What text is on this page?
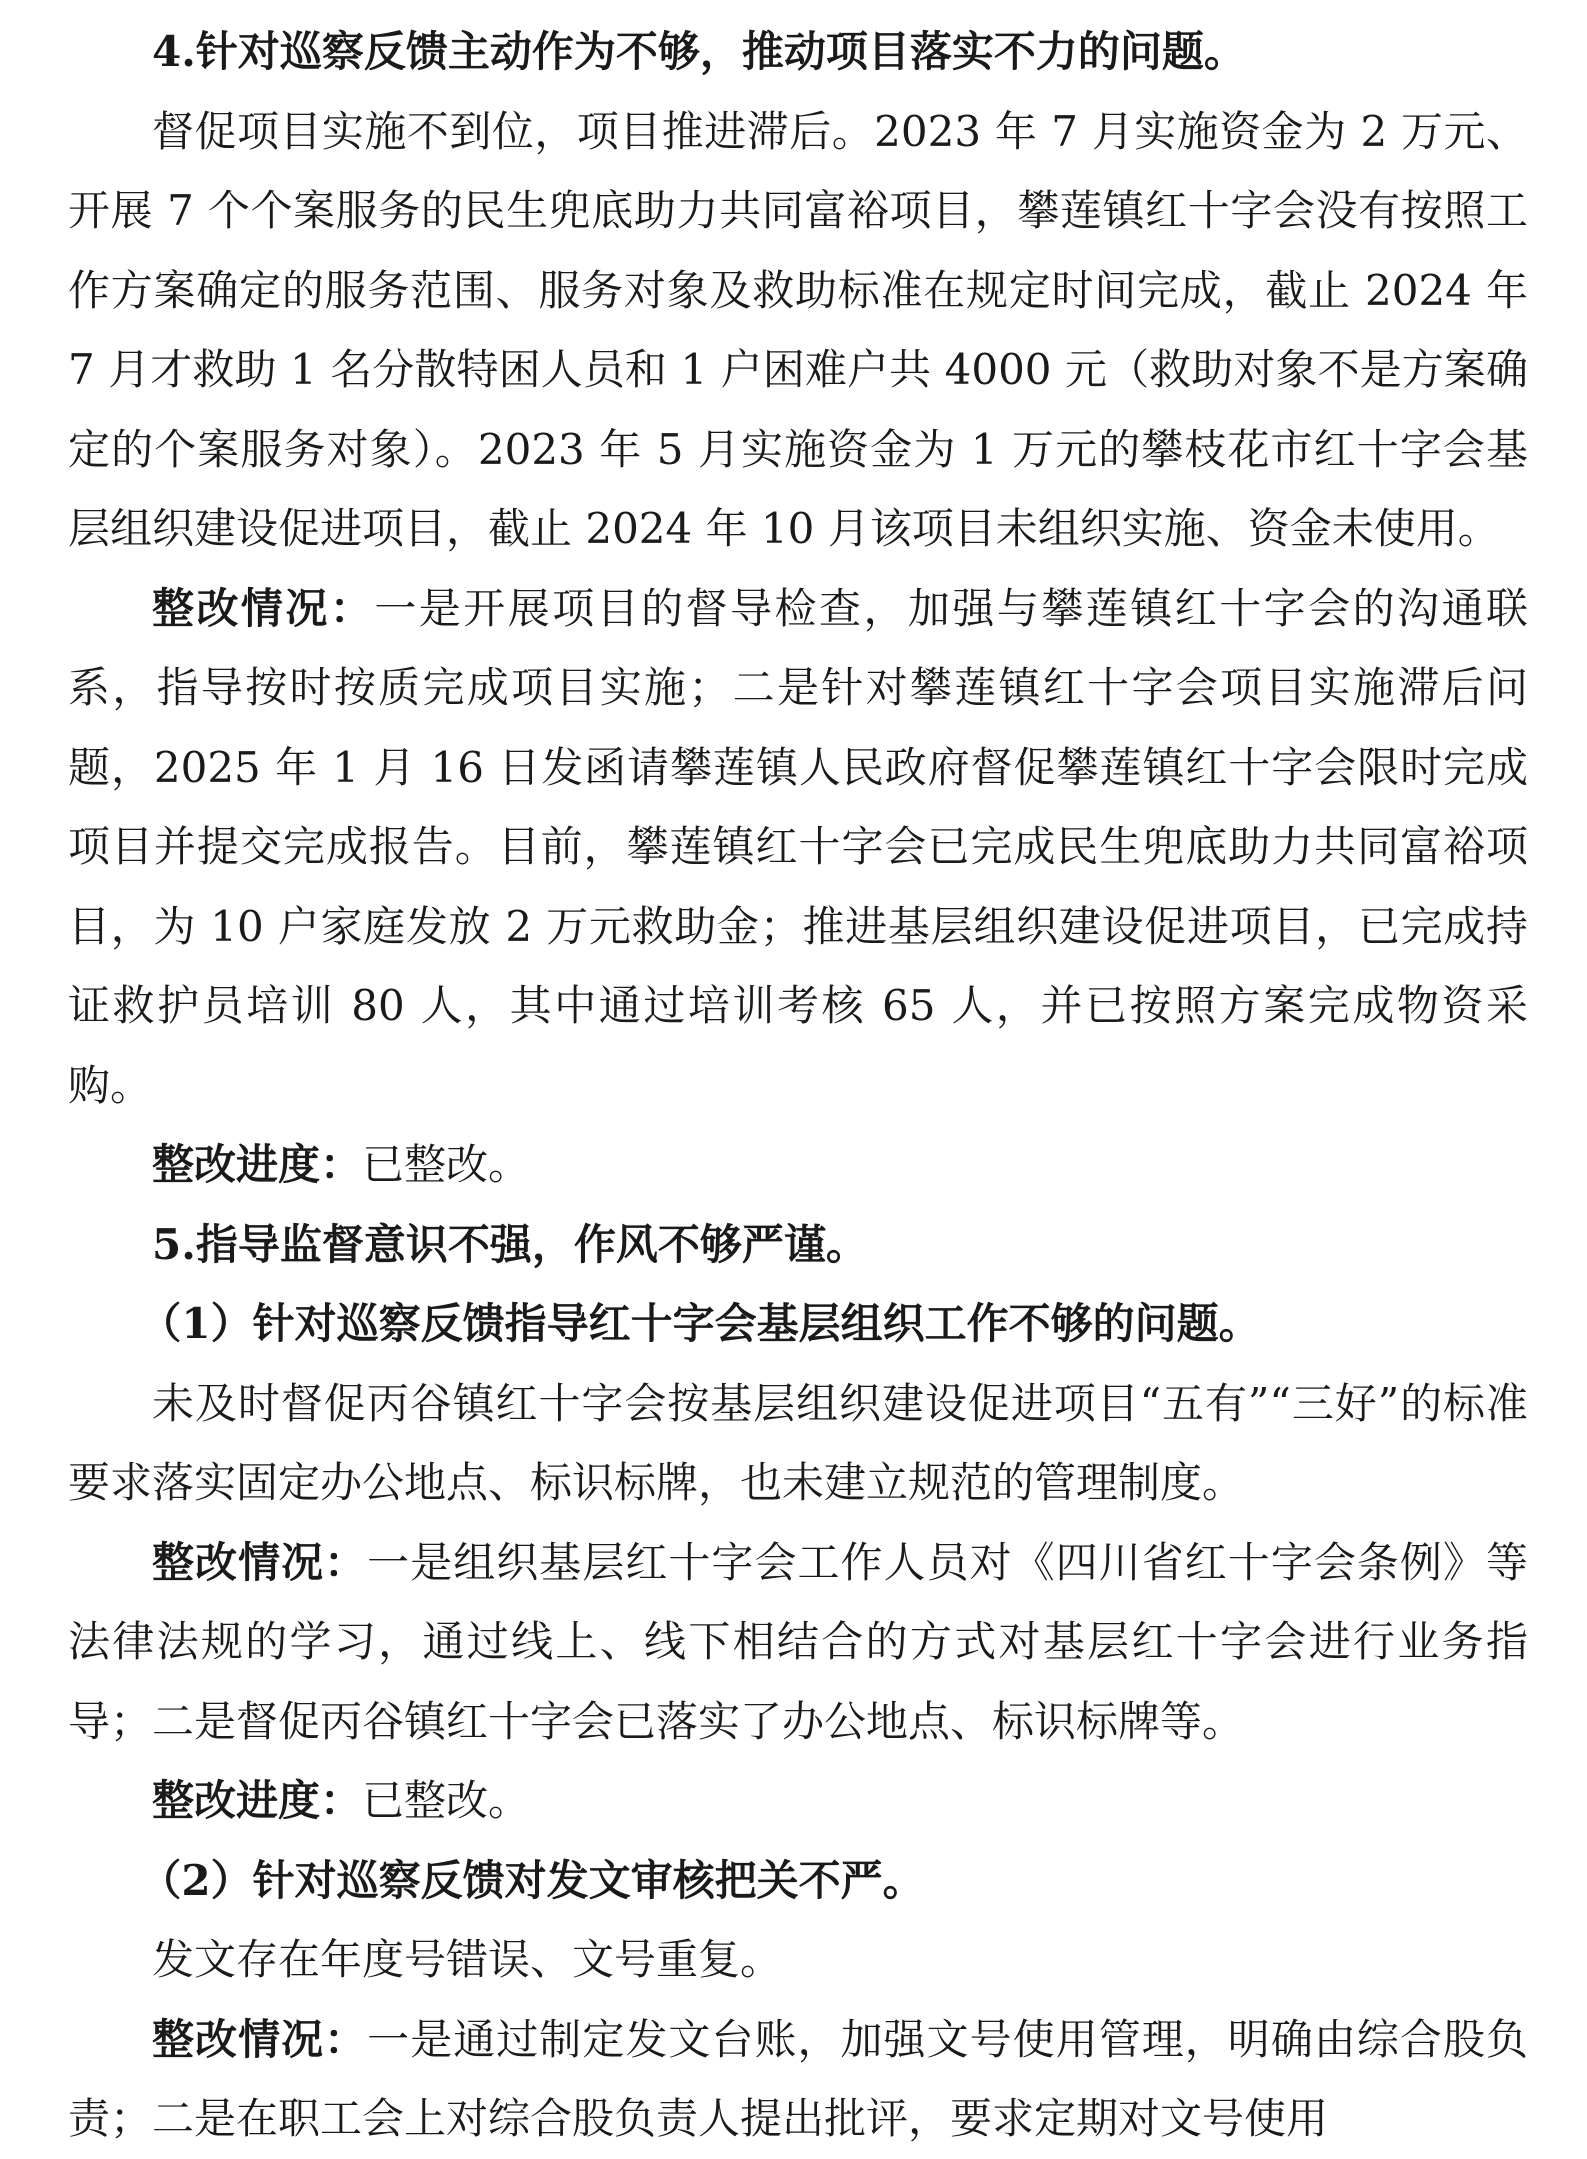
4.针对巡察反馈主动作为不够，推动项目落实不力的问题。

督促项目实施不到位，项目推进滞后。2023 年 7 月实施资金为 2 万元、开展 7 个个案服务的民生兜底助力共同富裕项目，攀莲镇红十字会没有按照工作方案确定的服务范围、服务对象及救助标准在规定时间完成，截止 2024 年 7 月才救助 1 名分散特困人员和 1 户困难户共 4000 元（救助对象不是方案确定的个案服务对象）。2023 年 5 月实施资金为 1 万元的攀枝花市红十字会基层组织建设促进项目，截止 2024 年 10 月该项目未组织实施、资金未使用。

整改情况：一是开展项目的督导检查，加强与攀莲镇红十字会的沟通联系，指导按时按质完成项目实施；二是针对攀莲镇红十字会项目实施滞后问题，2025 年 1 月 16 日发函请攀莲镇人民政府督促攀莲镇红十字会限时完成项目并提交完成报告。目前，攀莲镇红十字会已完成民生兜底助力共同富裕项目，为 10 户家庭发放 2 万元救助金；推进基层组织建设促进项目，已完成持证救护员培训 80 人，其中通过培训考核 65 人，并已按照方案完成物资采购。

整改进度：已整改。

5.指导监督意识不强，作风不够严谨。

（1）针对巡察反馈指导红十字会基层组织工作不够的问题。

未及时督促丙谷镇红十字会按基层组织建设促进项目“五有”“三好”的标准要求落实固定办公地点、标识标牌，也未建立规范的管理制度。

整改情况：一是组织基层红十字会工作人员对《四川省红十字会条例》等法律法规的学习，通过线上、线下相结合的方式对基层红十字会进行业务指导；二是督促丙谷镇红十字会已落实了办公地点、标识标牌等。

整改进度：已整改。

（2）针对巡察反馈对发文审核把关不严。

发文存在年度号错误、文号重复。

整改情况：一是通过制定发文台账，加强文号使用管理，明确由综合股负责；二是在职工会上对综合股负责人提出批评，要求定期对文号使用
